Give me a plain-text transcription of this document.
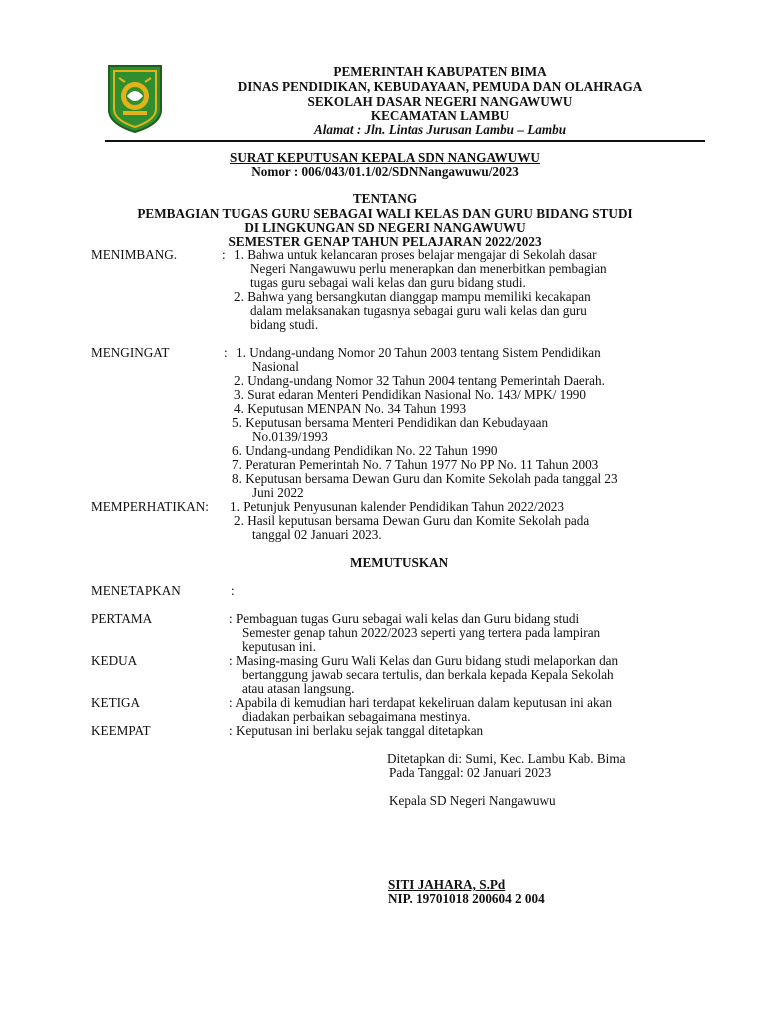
PEMERINTAH KABUPATEN BIMA
DINAS PENDIDIKAN, KEBUDAYAAN, PEMUDA DAN OLAHRAGA
SEKOLAH DASAR NEGERI NANGAWUWU
KECAMATAN LAMBU
Alamat : Jln. Lintas Jurusan Lambu – Lambu
SURAT KEPUTUSAN KEPALA SDN NANGAWUWU
Nomor : 006/043/01.1/02/SDNNangawuwu/2023
TENTANG
PEMBAGIAN TUGAS GURU SEBAGAI WALI KELAS DAN GURU BIDANG STUDI
DI LINGKUNGAN SD NEGERI NANGAWUWU
SEMESTER GENAP TAHUN PELAJARAN 2022/2023
MENIMBANG.	: 1. Bahwa untuk kelancaran proses belajar mengajar di Sekolah dasar
Negeri Nangawuwu perlu menerapkan dan menerbitkan pembagian
tugas guru sebagai wali kelas dan guru bidang studi.
2. Bahwa yang bersangkutan dianggap mampu memiliki kecakapan
dalam melaksanakan tugasnya sebagai guru wali kelas dan guru
bidang studi.
MENGINGAT	: 1. Undang-undang Nomor 20 Tahun 2003 tentang Sistem Pendidikan
Nasional
2. Undang-undang Nomor 32 Tahun 2004 tentang Pemerintah Daerah.
3. Surat edaran Menteri Pendidikan Nasional No. 143/ MPK/ 1990
4. Keputusan MENPAN No. 34 Tahun 1993
5. Keputusan bersama Menteri Pendidikan dan Kebudayaan
No.0139/1993
6. Undang-undang Pendidikan No. 22 Tahun 1990
7. Peraturan Pemerintah No. 7 Tahun 1977 No PP No. 11 Tahun 2003
8. Keputusan bersama Dewan Guru dan Komite Sekolah pada tanggal 23
Juni 2022
MEMPERHATIKAN: 1. Petunjuk Penyusunan kalender Pendidikan Tahun 2022/2023
2. Hasil keputusan bersama Dewan Guru dan Komite Sekolah pada
tanggal 02 Januari 2023.
MEMUTUSKAN
MENETAPKAN	:
PERTAMA	: Pembaguan tugas Guru sebagai wali kelas dan Guru bidang studi
Semester genap tahun 2022/2023 seperti yang tertera pada lampiran
keputusan ini.
KEDUA	: Masing-masing Guru Wali Kelas dan Guru bidang studi melaporkan dan
bertanggung jawab secara tertulis, dan berkala kepada Kepala Sekolah
atau atasan langsung.
KETIGA	: Apabila di kemudian hari terdapat kekeliruan dalam keputusan ini akan
diadakan perbaikan sebagaimana mestinya.
KEEMPAT	: Keputusan ini berlaku sejak tanggal ditetapkan
Ditetapkan di: Sumi, Kec. Lambu Kab. Bima
Pada Tanggal: 02 Januari 2023
Kepala SD Negeri Nangawuwu
SITI JAHARA, S.Pd
NIP. 19701018 200604 2 004
